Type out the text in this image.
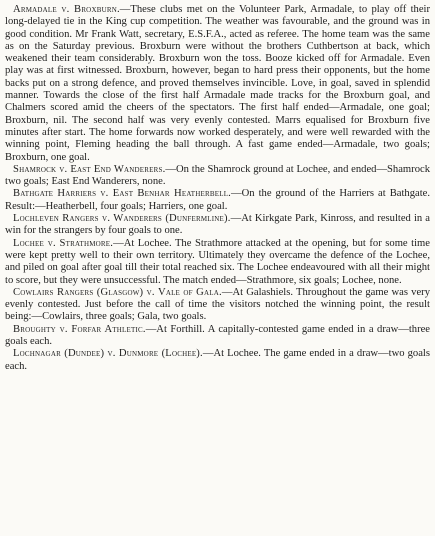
Armadale v. Broxburn.—These clubs met on the Volunteer Park, Armadale, to play off their long-delayed tie in the King cup competition. The weather was favourable, and the ground was in good condition. Mr Frank Watt, secretary, E.S.F.A., acted as referee. The home team was the same as on the Saturday previous. Broxburn were without the brothers Cuthbertson at back, which weakened their team considerably. Broxburn won the toss. Booze kicked off for Armadale. Even play was at first witnessed. Broxburn, however, began to hard press their opponents, but the home backs put on a strong defence, and proved themselves invincible. Love, in goal, saved in splendid manner. Towards the close of the first half Armadale made tracks for the Broxburn goal, and Chalmers scored amid the cheers of the spectators. The first half ended—Armadale, one goal; Broxburn, nil. The second half was very evenly contested. Marrs equalised for Broxburn five minutes after start. The home forwards now worked desperately, and were well rewarded with the winning point, Fleming heading the ball through. A fast game ended—Armadale, two goals; Broxburn, one goal.

Shamrock v. East End Wanderers.—On the Shamrock ground at Lochee, and ended—Shamrock two goals; East End Wanderers, none.

Bathgate Harriers v. East Benhar Heatherbell.—On the ground of the Harriers at Bathgate. Result:—Heatherbell, four goals; Harriers, one goal.

Lochleven Rangers v. Wanderers (Dunfermline).—At Kirkgate Park, Kinross, and resulted in a win for the strangers by four goals to one.

Lochee v. Strathmore.—At Lochee. The Strathmore attacked at the opening, but for some time were kept pretty well to their own territory. Ultimately they overcame the defence of the Lochee, and piled on goal after goal till their total reached six. The Lochee endeavoured with all their might to score, but they were unsuccessful. The match ended—Strathmore, six goals; Lochee, none.

Cowlairs Rangers (Glasgow) v. Vale of Gala.—At Galashiels. Throughout the game was very evenly contested. Just before the call of time the visitors notched the winning point, the result being:—Cowlairs, three goals; Gala, two goals.

Broughty v. Forfar Athletic.—At Forthill. A capitally-contested game ended in a draw—three goals each.

Lochnagar (Dundee) v. Dunmore (Lochee).—At Lochee. The game ended in a draw—two goals each.
